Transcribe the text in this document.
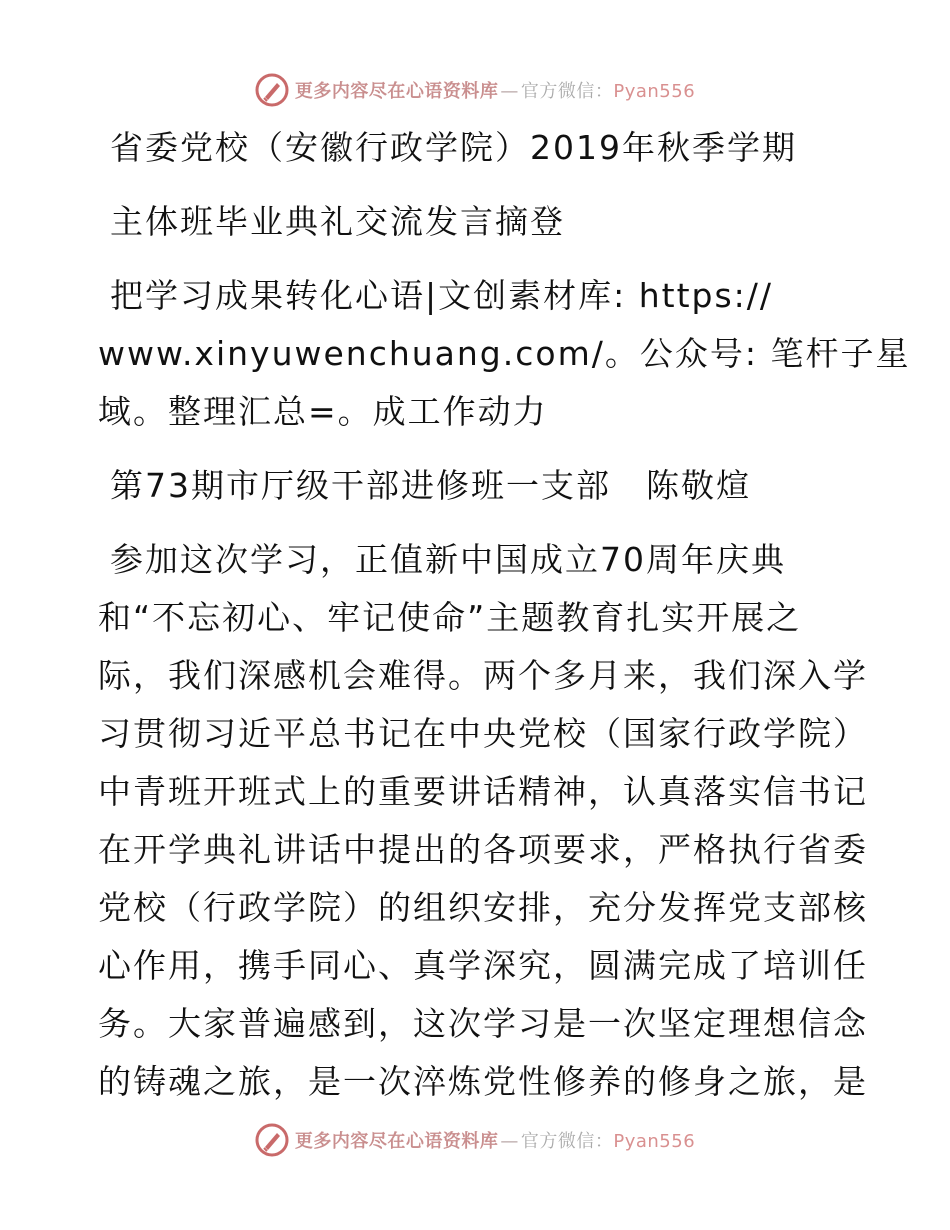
更多内容尽在心语资料库 — 官方微信：Pyan556
省委党校（安徽行政学院）2019年秋季学期
主体班毕业典礼交流发言摘登
把学习成果转化心语|文创素材库: https://
www.xinyuwenchuang.com/。公众号: 笔杆子星
域。整理汇总=。成工作动力
第73期市厅级干部进修班一支部　陈敬煊
参加这次学习，正值新中国成立70周年庆典
和“不忘初心、牢记使命”主题教育扎实开展之
际，我们深感机会难得。两个多月来，我们深入学
习贯彻习近平总书记在中央党校（国家行政学院）
中青班开班式上的重要讲话精神，认真落实信书记
在开学典礼讲话中提出的各项要求，严格执行省委
党校（行政学院）的组织安排，充分发挥党支部核
心作用，携手同心、真学深究，圆满完成了培训任
务。大家普遍感到，这次学习是一次坚定理想信念
的铸魂之旅，是一次淬炼党性修养的修身之旅，是
更多内容尽在心语资料库 — 官方微信：Pyan556
